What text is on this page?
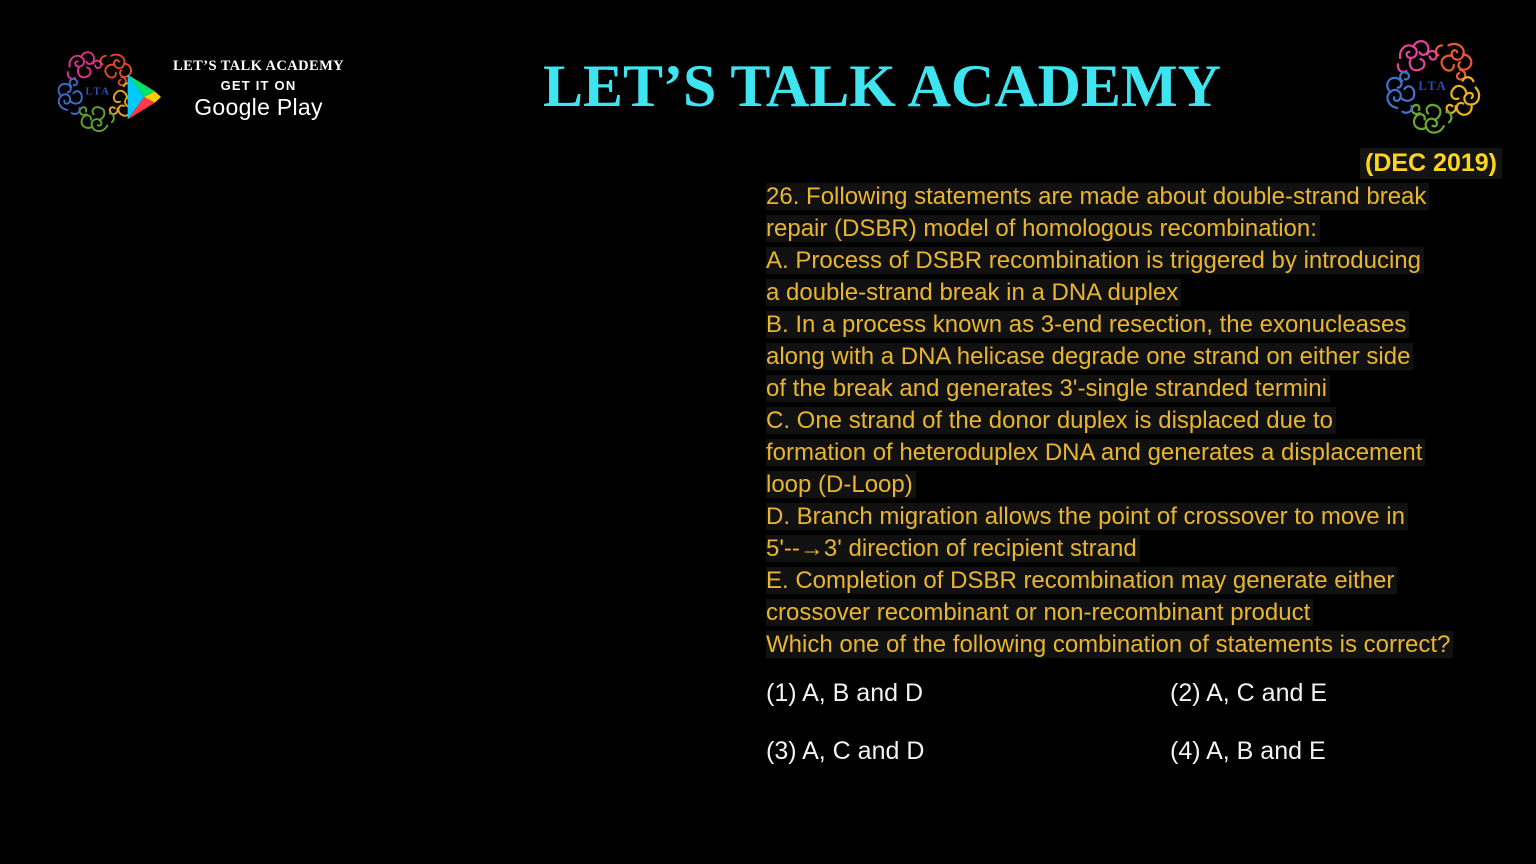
LTA
LET’S TALK ACADEMY
GET IT ON
Google Play	LET’S TALK ACADEMY	LTA
(DEC 2019)
26. Following statements are made about double-strand break
repair (DSBR) model of homologous recombination:
A. Process of DSBR recombination is triggered by introducing
a double-strand break in a DNA duplex
B. In a process known as 3-end resection, the exonucleases
along with a DNA helicase degrade one strand on either side
of the break and generates 3'-single stranded termini
C. One strand of the donor duplex is displaced due to
formation of heteroduplex DNA and generates a displacement
loop (D-Loop)
D. Branch migration allows the point of crossover to move in
5'--→3' direction of recipient strand
E. Completion of DSBR recombination may generate either
crossover recombinant or non-recombinant product
Which one of the following combination of statements is correct?
(1) A, B and D	(2) A, C and E
(3) A, C and D	(4) A, B and E
